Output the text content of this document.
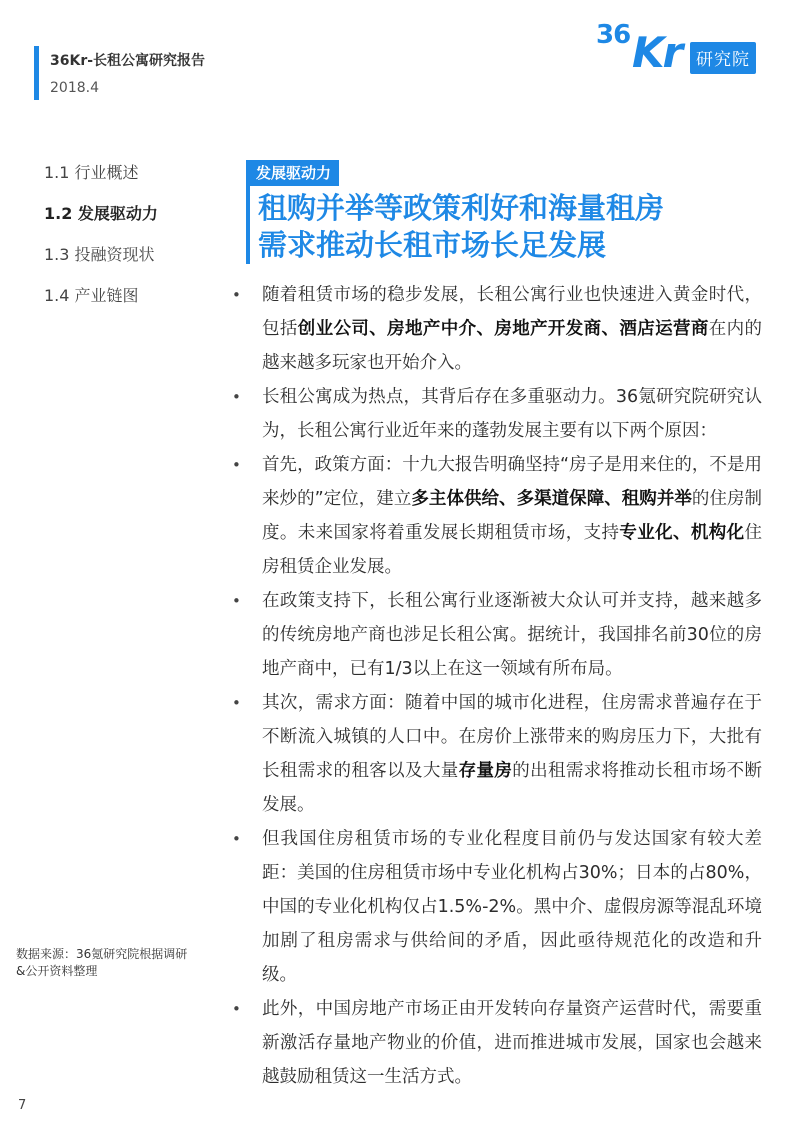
36Kr-长租公寓研究报告
2018.4
36 Kr 研究院
1.1 行业概述
1.2 发展驱动力
1.3 投融资现状
1.4 产业链图
发展驱动力
租购并举等政策利好和海量租房
需求推动长租市场长足发展
• 随着租赁市场的稳步发展，长租公寓行业也快速进入黄金时代，包括创业公司、房地产中介、房地产开发商、酒店运营商在内的越来越多玩家也开始介入。
• 长租公寓成为热点，其背后存在多重驱动力。36氪研究院研究认为，长租公寓行业近年来的蓬勃发展主要有以下两个原因：
• 首先，政策方面：十九大报告明确坚持“房子是用来住的，不是用来炒的”定位，建立多主体供给、多渠道保障、租购并举的住房制度。未来国家将着重发展长期租赁市场，支持专业化、机构化住房租赁企业发展。
• 在政策支持下，长租公寓行业逐渐被大众认可并支持，越来越多的传统房地产商也涉足长租公寓。据统计，我国排名前30位的房地产商中，已有1/3以上在这一领域有所布局。
• 其次，需求方面：随着中国的城市化进程，住房需求普遍存在于不断流入城镇的人口中。在房价上涨带来的购房压力下，大批有长租需求的租客以及大量存量房的出租需求将推动长租市场不断发展。
• 但我国住房租赁市场的专业化程度目前仍与发达国家有较大差距：美国的住房租赁市场中专业化机构占30%；日本的占80%，中国的专业化机构仅占1.5%-2%。黑中介、虚假房源等混乱环境加剧了租房需求与供给间的矛盾，因此亟待规范化的改造和升级。
• 此外，中国房地产市场正由开发转向存量资产运营时代，需要重新激活存量地产物业的价值，进而推进城市发展，国家也会越来越鼓励租赁这一生活方式。
数据来源：36氪研究院根据调研&公开资料整理
7
